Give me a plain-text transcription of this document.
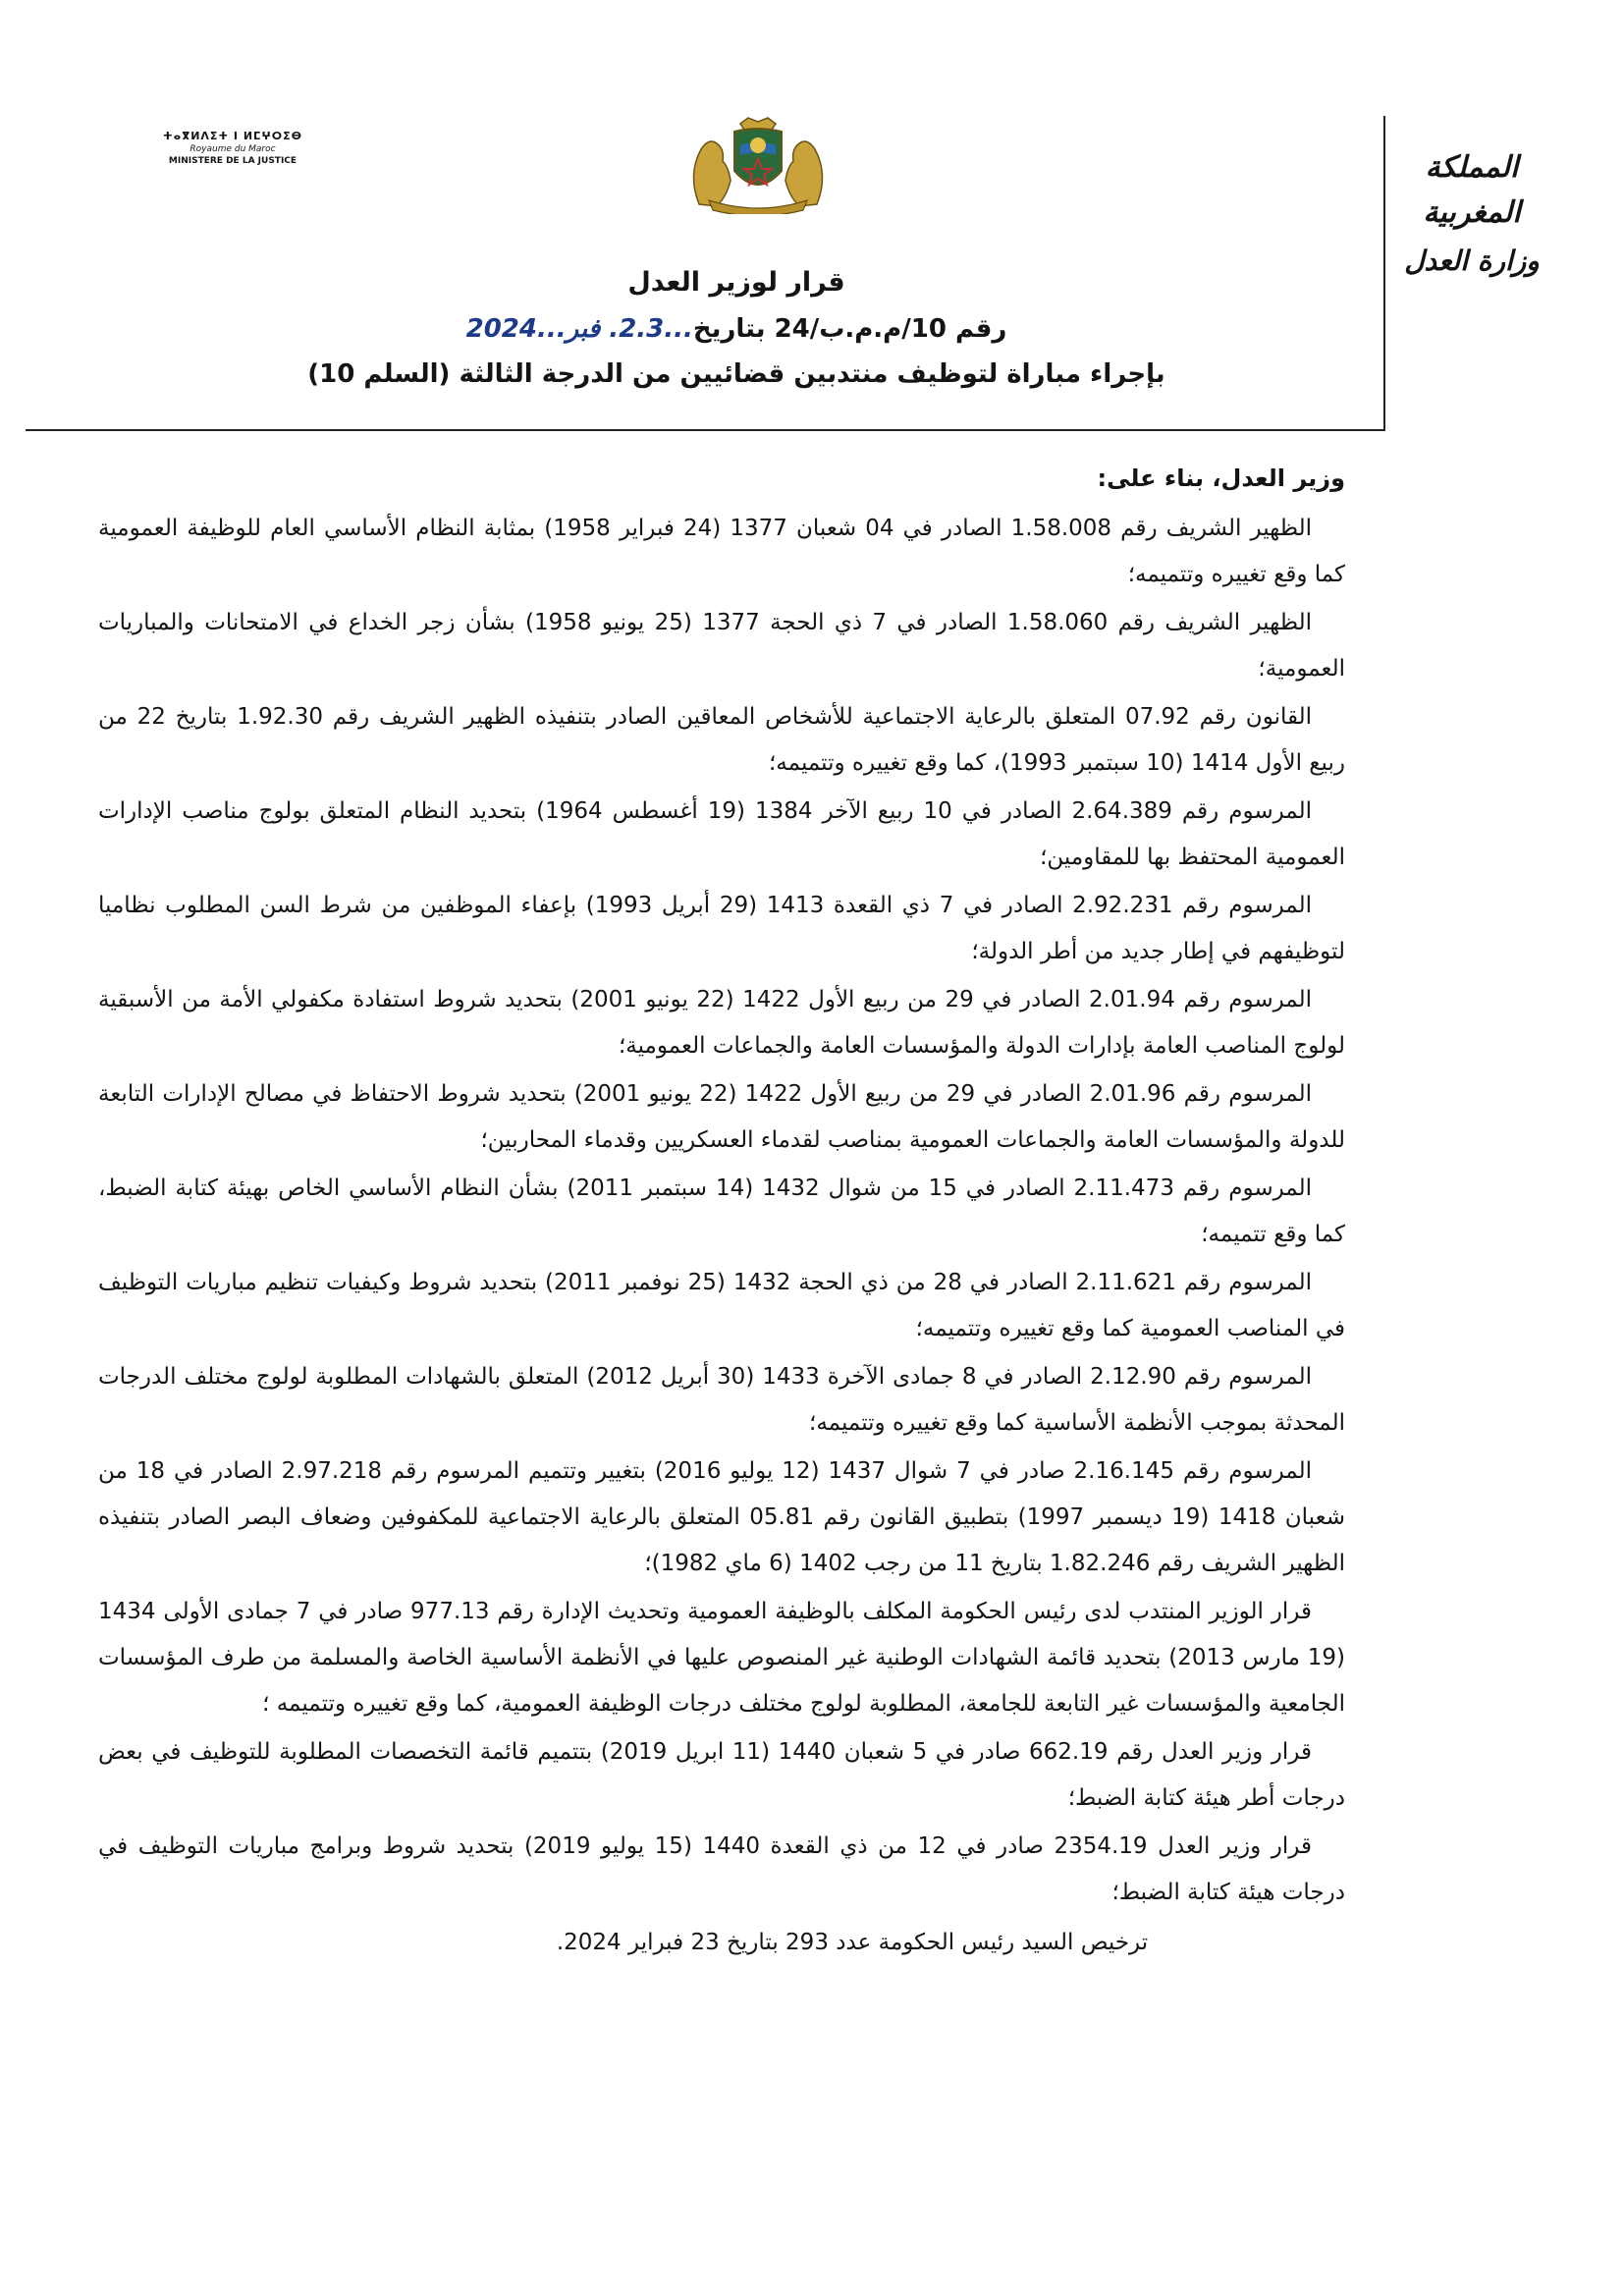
المملكة المغربية
وزارة العدل
ⵜⴰⴳⵍⴷⵉⵜ ⵏ ⵍⵎⵖⵔⵉⴱ
Royaume du Maroc
MINISTERE DE LA JUSTICE
قرار لوزير العدل
رقم 10/م.م.ب/24 بتاريخ...2.3. فبر...2024
بإجراء مباراة لتوظيف منتدبين قضائيين من الدرجة الثالثة (السلم 10)
وزير العدل، بناء على:

الظهير الشريف رقم 1.58.008 الصادر في 04 شعبان 1377 (24 فبراير 1958) بمثابة النظام الأساسي العام للوظيفة العمومية كما وقع تغييره وتتميمه؛

الظهير الشريف رقم 1.58.060 الصادر في 7 ذي الحجة 1377 (25 يونيو 1958) بشأن زجر الخداع في الامتحانات والمباريات العمومية؛

القانون رقم 07.92 المتعلق بالرعاية الاجتماعية للأشخاص المعاقين الصادر بتنفيذه الظهير الشريف رقم 1.92.30 بتاريخ 22 من ربيع الأول 1414 (10 سبتمبر 1993)، كما وقع تغييره وتتميمه؛

المرسوم رقم 2.64.389 الصادر في 10 ربيع الآخر 1384 (19 أغسطس 1964) بتحديد النظام المتعلق بولوج مناصب الإدارات العمومية المحتفظ بها للمقاومين؛

المرسوم رقم 2.92.231 الصادر في 7 ذي القعدة 1413 (29 أبريل 1993) بإعفاء الموظفين من شرط السن المطلوب نظاميا لتوظيفهم في إطار جديد من أطر الدولة؛

المرسوم رقم 2.01.94 الصادر في 29 من ربيع الأول 1422 (22 يونيو 2001) بتحديد شروط استفادة مكفولي الأمة من الأسبقية لولوج المناصب العامة بإدارات الدولة والمؤسسات العامة والجماعات العمومية؛

المرسوم رقم 2.01.96 الصادر في 29 من ربيع الأول 1422 (22 يونيو 2001) بتحديد شروط الاحتفاظ في مصالح الإدارات التابعة للدولة والمؤسسات العامة والجماعات العمومية بمناصب لقدماء العسكريين وقدماء المحاربين؛

المرسوم رقم 2.11.473 الصادر في 15 من شوال 1432 (14 سبتمبر 2011) بشأن النظام الأساسي الخاص بهيئة كتابة الضبط، كما وقع تتميمه؛

المرسوم رقم 2.11.621 الصادر في 28 من ذي الحجة 1432 (25 نوفمبر 2011) بتحديد شروط وكيفيات تنظيم مباريات التوظيف في المناصب العمومية كما وقع تغييره وتتميمه؛

المرسوم رقم 2.12.90 الصادر في 8 جمادى الآخرة 1433 (30 أبريل 2012) المتعلق بالشهادات المطلوبة لولوج مختلف الدرجات المحدثة بموجب الأنظمة الأساسية كما وقع تغييره وتتميمه؛

المرسوم رقم 2.16.145 صادر في 7 شوال 1437 (12 يوليو 2016) بتغيير وتتميم المرسوم رقم 2.97.218 الصادر في 18 من شعبان 1418 (19 ديسمبر 1997) بتطبيق القانون رقم 05.81 المتعلق بالرعاية الاجتماعية للمكفوفين وضعاف البصر الصادر بتنفيذه الظهير الشريف رقم 1.82.246 بتاريخ 11 من رجب 1402 (6 ماي 1982)؛

قرار الوزير المنتدب لدى رئيس الحكومة المكلف بالوظيفة العمومية وتحديث الإدارة رقم 977.13 صادر في 7 جمادى الأولى 1434 (19 مارس 2013) بتحديد قائمة الشهادات الوطنية غير المنصوص عليها في الأنظمة الأساسية الخاصة والمسلمة من طرف المؤسسات الجامعية والمؤسسات غير التابعة للجامعة، المطلوبة لولوج مختلف درجات الوظيفة العمومية، كما وقع تغييره وتتميمه ؛

قرار وزير العدل رقم 662.19 صادر في 5 شعبان 1440 (11 ابريل 2019) بتتميم قائمة التخصصات المطلوبة للتوظيف في بعض درجات أطر هيئة كتابة الضبط؛

قرار وزير العدل 2354.19 صادر في 12 من ذي القعدة 1440 (15 يوليو 2019) بتحديد شروط وبرامج مباريات التوظيف في درجات هيئة كتابة الضبط؛

ترخيص السيد رئيس الحكومة عدد 293 بتاريخ 23 فبراير 2024.
